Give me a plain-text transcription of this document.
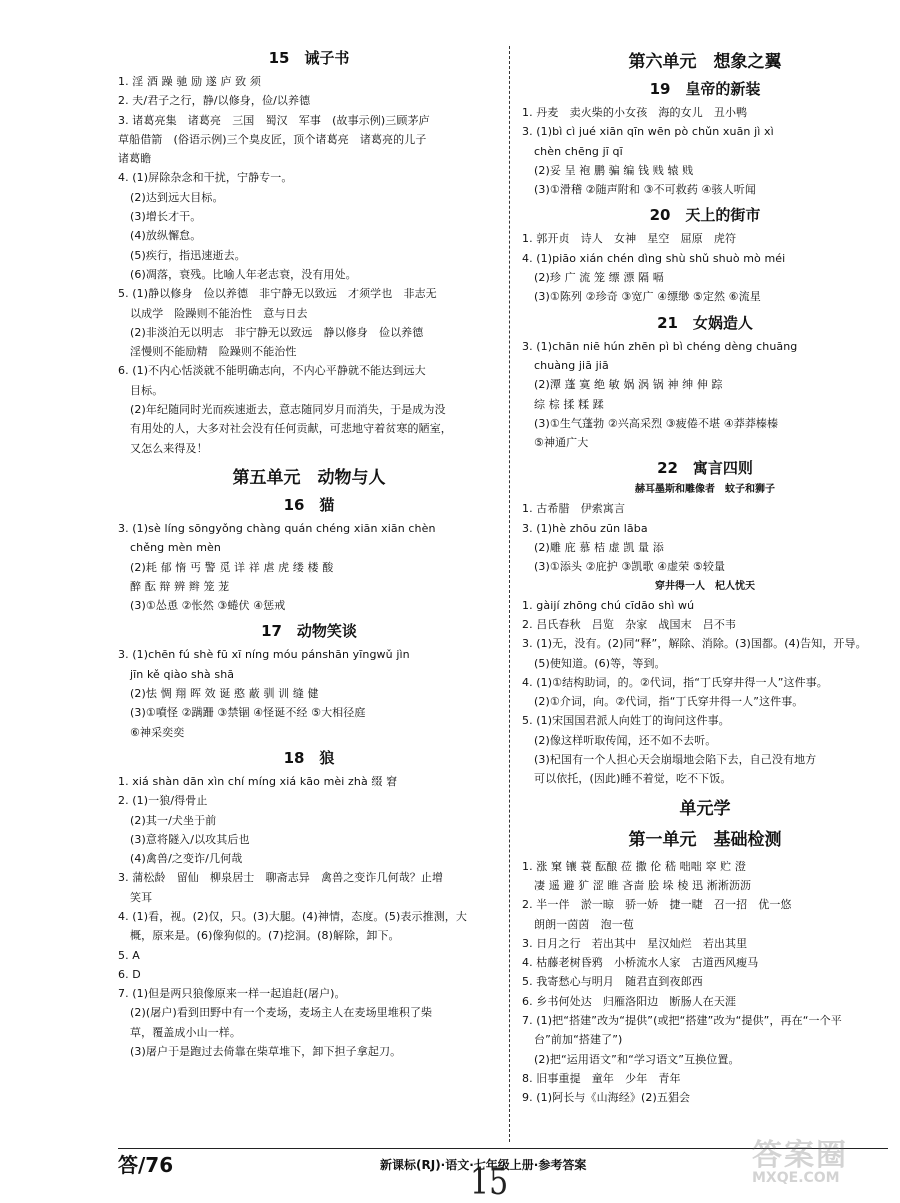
15　诫子书
1. 淫 酒 躁 驰 励 遂 庐 致 须
2. 夫/君子之行，静/以修身，俭/以养德
3. 诸葛亮集　诸葛亮　三国　蜀汉　军事　(故事示例)三顾茅庐
草船借箭　(俗语示例)三个臭皮匠，顶个诸葛亮　诸葛亮的儿子
诸葛瞻
4. (1)屏除杂念和干扰，宁静专一。
(2)达到远大目标。
(3)增长才干。
(4)放纵懈怠。
(5)疾行，指迅速逝去。
(6)凋落，衰残。比喻人年老志衰，没有用处。
5. (1)静以修身　俭以养德　非宁静无以致远　才须学也　非志无
以成学　险躁则不能治性　意与日去
(2)非淡泊无以明志　非宁静无以致远　静以修身　俭以养德
淫慢则不能励精　险躁则不能治性
6. (1)不内心恬淡就不能明确志向，不内心平静就不能达到远大
目标。
(2)年纪随同时光而疾速逝去，意志随同岁月而消失，于是成为没
有用处的人，大多对社会没有任何贡献，可悲地守着贫寒的陋室，
又怎么来得及！
第五单元　动物与人
16　猫
3. (1)sè líng sōngyǒng chàng quán chéng xiān xiān chèn
chěng mèn mèn
(2)耗 郁 惰 丐 警 觅 详 祥 虐 虎 缕 楼 酸
醉 酝 辩 辨 辫 笼 茏
(3)①怂恿 ②怅然 ③蜷伏 ④惩戒
17　动物笑谈
3. (1)chēn fú shè fū xī níng móu pánshān yīngwǔ jìn
jīn kě qiào shà shā
(2)怯 惆 翔 晖 效 诞 憨 蔽 驯 训 缝 健
(3)①噴怪 ②蹒跚 ③禁锢 ④怪诞不经 ⑤大相径庭
⑥神采奕奕
18　狼
1. xiá shàn dān xìn chí míng xiá kāo mèi zhà 缀 窘
2. (1)一狼/得骨止
(2)其一/犬坐于前
(3)意将隧入/以攻其后也
(4)禽兽/之变诈/几何哉
3. 蒲松龄　留仙　柳泉居士　聊斋志异　禽兽之变诈几何哉？止增
笑耳
4. (1)看，视。(2)仅，只。(3)大腿。(4)神情，态度。(5)表示推测，大
概，原来是。(6)像狗似的。(7)挖洞。(8)解除，卸下。
5. A
6. D
7. (1)但是两只狼像原来一样一起追赶(屠户)。
(2)(屠户)看到田野中有一个麦场，麦场主人在麦场里堆积了柴
草，覆盖成小山一样。
(3)屠户于是跑过去倚靠在柴草堆下，卸下担子拿起刀。
第六单元　想象之翼
19　皇帝的新装
1. 丹麦　卖火柴的小女孩　海的女儿　丑小鸭
3. (1)bì cì jué xiān qīn wēn pò chǔn xuān jì xì
chèn chēng jī qī
(2)妥 呈 袍 鹏 骗 编 钱 贱 辕 贱
(3)①滑稽 ②随声附和 ③不可救药 ④骇人听闻
20　天上的街市
1. 郭开贞　诗人　女神　星空　屈原　虎符
4. (1)piāo xián chén dìng shù shǔ shuò mò méi
(2)珍 广 流 笼 缥 漂 隔 嗝
(3)①陈列 ②珍奇 ③宽广 ④缥缈 ⑤定然 ⑥流星
21　女娲造人
3. (1)chān niē hún zhēn pì bì chéng dèng chuāng
chuàng jiā jiā
(2)潭 蓬 寞 绝 敏 娲 涡 锅 神 绅 伸 踪
综 棕 揉 糅 蹂
(3)①生气蓬勃 ②兴高采烈 ③疲倦不堪 ④莽莽榛榛
⑤神通广大
22　寓言四则
赫耳墨斯和雕像者　蚊子和狮子
1. 古希腊　伊索寓言
3. (1)hè zhōu zūn lāba
(2)雕 庇 慕 桔 虚 凯 量 添
(3)①添头 ②庇护 ③凯歌 ④虚荣 ⑤较量
穿井得一人　杞人忧天
1. gàijí zhōng chú cīdāo shì wú
2. 吕氏春秋　吕览　杂家　战国末　吕不韦
3. (1)无，没有。(2)同“释”，解除、消除。(3)国都。(4)告知，开导。
(5)使知道。(6)等，等到。
4. (1)①结构助词，的。②代词，指“丁氏穿井得一人”这件事。
(2)①介词，向。②代词，指“丁氏穿井得一人”这件事。
5. (1)宋国国君派人向姓丁的询问这件事。
(2)像这样听取传闻，还不如不去听。
(3)杞国有一个人担心天会崩塌地会陷下去，自己没有地方
可以依托，(因此)睡不着觉，吃不下饭。
单元学
第一单元　基础检测
1. 涨 窠 镶 蓑 酝酿 莅 撒 伦 嵇 咄咄 窣 贮 澄
凄 遥 避 犷 涩 睢 吝啬 脍 垛 棱 迅 淅淅沥沥
2. 半一伴　淤一晾　骄一娇　捷一睫　召一招　优一悠
朗朗一茵茵　泡一苞
3. 日月之行　若出其中　星汉灿烂　若出其里
4. 枯藤老树昏鸦　小桥流水人家　古道西风瘦马
5. 我寄愁心与明月　随君直到夜郎西
6. 乡书何处达　归雁洛阳边　断肠人在天涯
7. (1)把“搭建”改为“提供”(或把“搭建”改为“提供”，再在“一个平
台”前加“搭建了”)
(2)把“运用语文”和“学习语文”互换位置。
8. 旧事重提　童年　少年　青年
9. (1)阿长与《山海经》(2)五猖会
答/76	新课标(RJ)·语文·七年级上册·参考答案
15
答案圈
MXQE.COM
